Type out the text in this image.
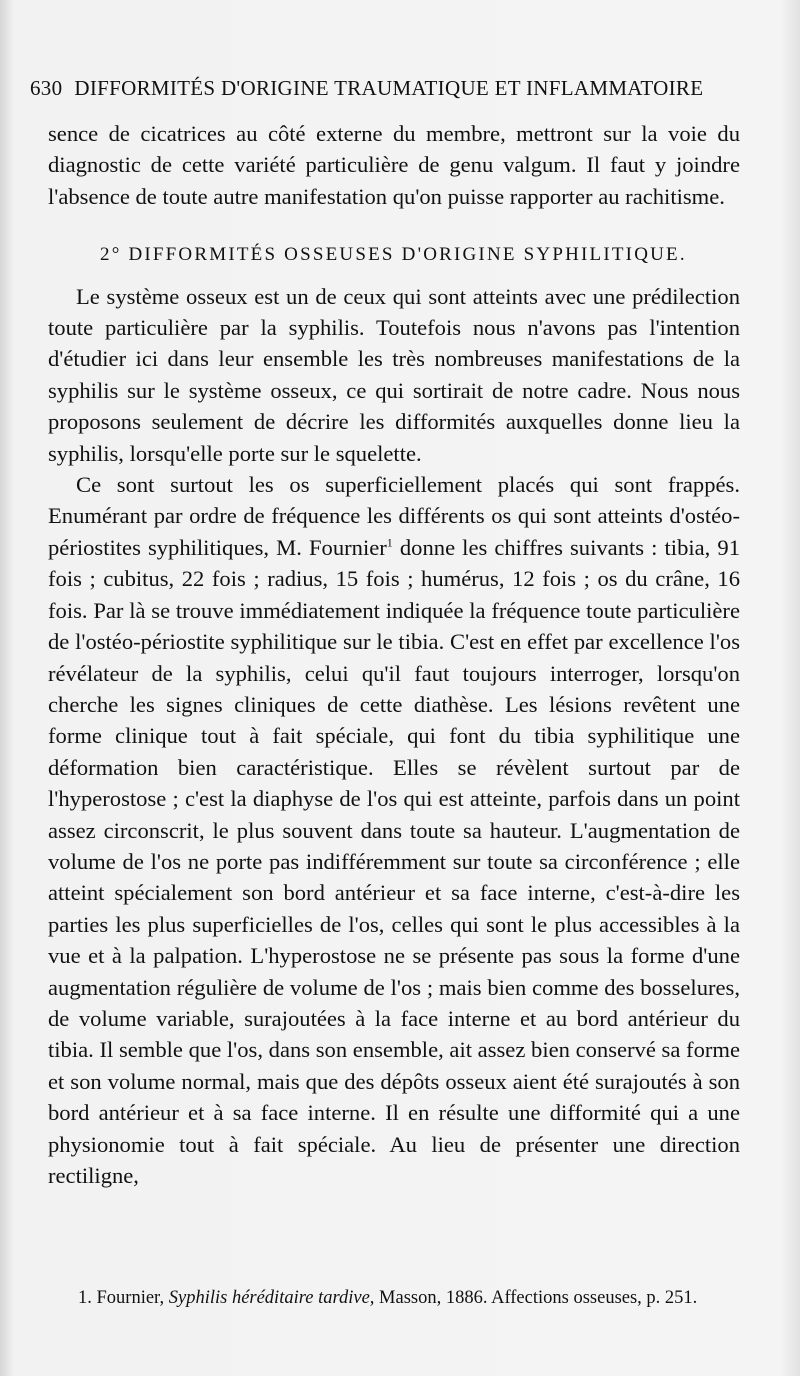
630 DIFFORMITÉS D'ORIGINE TRAUMATIQUE ET INFLAMMATOIRE

sence de cicatrices au côté externe du membre, mettront sur la voie du diagnostic de cette variété particulière de genu valgum. Il faut y joindre l'absence de toute autre manifestation qu'on puisse rapporter au rachitisme.

2° DIFFORMITÉS OSSEUSES D'ORIGINE SYPHILITIQUE.

Le système osseux est un de ceux qui sont atteints avec une prédilection toute particulière par la syphilis. Toutefois nous n'avons pas l'intention d'étudier ici dans leur ensemble les très nombreuses manifestations de la syphilis sur le système osseux, ce qui sortirait de notre cadre. Nous nous proposons seulement de décrire les difformités auxquelles donne lieu la syphilis, lorsqu'elle porte sur le squelette.

Ce sont surtout les os superficiellement placés qui sont frappés. Enumérant par ordre de fréquence les différents os qui sont atteints d'ostéo-périostites syphilitiques, M. Fournier$^1$ donne les chiffres suivants : tibia, 91 fois ; cubitus, 22 fois ; radius, 15 fois ; humérus, 12 fois ; os du crâne, 16 fois. Par là se trouve immédiatement indiquée la fréquence toute particulière de l'ostéo-périostite syphilitique sur le tibia. C'est en effet par excellence l'os révélateur de la syphilis, celui qu'il faut toujours interroger, lorsqu'on cherche les signes cliniques de cette diathèse. Les lésions revêtent une forme clinique tout à fait spéciale, qui font du tibia syphilitique une déformation bien caractéristique. Elles se révèlent surtout par de l'hyperostose ; c'est la diaphyse de l'os qui est atteinte, parfois dans un point assez circonscrit, le plus souvent dans toute sa hauteur. L'augmentation de volume de l'os ne porte pas indifféremment sur toute sa circonférence ; elle atteint spécialement son bord antérieur et sa face interne, c'est-à-dire les parties les plus superficielles de l'os, celles qui sont le plus accessibles à la vue et à la palpation. L'hyperostose ne se présente pas sous la forme d'une augmentation régulière de volume de l'os ; mais bien comme des bosselures, de volume variable, surajoutées à la face interne et au bord antérieur du tibia. Il semble que l'os, dans son ensemble, ait assez bien conservé sa forme et son volume normal, mais que des dépôts osseux aient été surajoutés à son bord antérieur et à sa face interne. Il en résulte une difformité qui a une physionomie tout à fait spéciale. Au lieu de présenter une direction rectiligne,

1. Fournier, Syphilis héréditaire tardive, Masson, 1886. Affections osseuses, p. 251.
